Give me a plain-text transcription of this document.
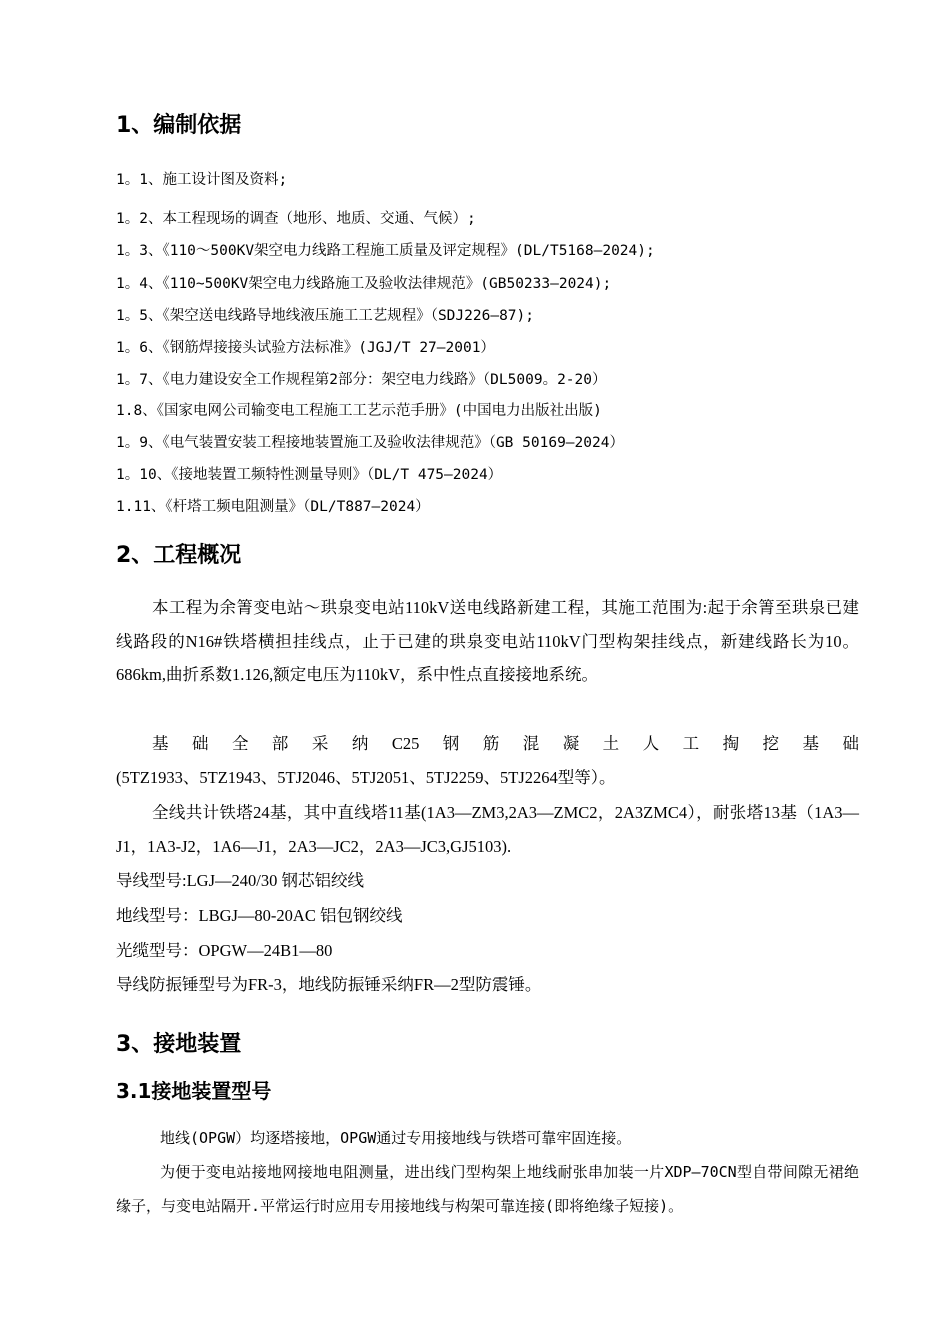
1、编制依据
1。1、施工设计图及资料;
1。2、本工程现场的调查（地形、地质、交通、气候）;
1。3、《110～500KV架空电力线路工程施工质量及评定规程》(DL/T5168—2024);
1。4、《110~500KV架空电力线路施工及验收法律规范》(GB50233—2024);
1。5、《架空送电线路导地线液压施工工艺规程》（SDJ226—87);
1。6、《钢筋焊接接头试验方法标准》(JGJ/T 27—2001）
1。7、《电力建设安全工作规程第2部分：架空电力线路》（DL5009。2-20）
1.8、《国家电网公司输变电工程施工工艺示范手册》(中国电力出版社出版)
1。9、《电气装置安装工程接地装置施工及验收法律规范》（GB 50169—2024）
1。10、《接地装置工频特性测量导则》（DL/T 475—2024）
1.11、《杆塔工频电阻测量》（DL/T887—2024）
2、工程概况

本工程为余箐变电站～珙泉变电站110kV送电线路新建工程，其施工范围为:起于余箐至珙泉已建线路段的N16#铁塔横担挂线点，止于已建的珙泉变电站110kV门型构架挂线点，新建线路长为10。686km,曲折系数1.126,额定电压为110kV，系中性点直接接地系统。

基础全部采纳C25钢筋混凝土人工掏挖基础
(5TZ1933、5TZ1943、5TJ2046、5TJ2051、5TJ2259、5TJ2264型等）。

全线共计铁塔24基，其中直线塔11基(1A3—ZM3,2A3—ZMC2，2A3ZMC4），耐张塔13基（1A3—J1，1A3-J2，1A6—J1，2A3—JC2，2A3—JC3,GJ5103).

导线型号:LGJ—240/30 钢芯铝绞线
地线型号：LBGJ—80-20AC 铝包钢绞线
光缆型号：OPGW—24B1—80
导线防振锤型号为FR-3，地线防振锤采纳FR—2型防震锤。
3、接地装置
3.1接地装置型号

地线(OPGW）均逐塔接地，OPGW通过专用接地线与铁塔可靠牢固连接。

为便于变电站接地网接地电阻测量，进出线门型构架上地线耐张串加装一片XDP—70CN型自带间隙无裙绝缘子，与变电站隔开.平常运行时应用专用接地线与构架可靠连接(即将绝缘子短接)。
